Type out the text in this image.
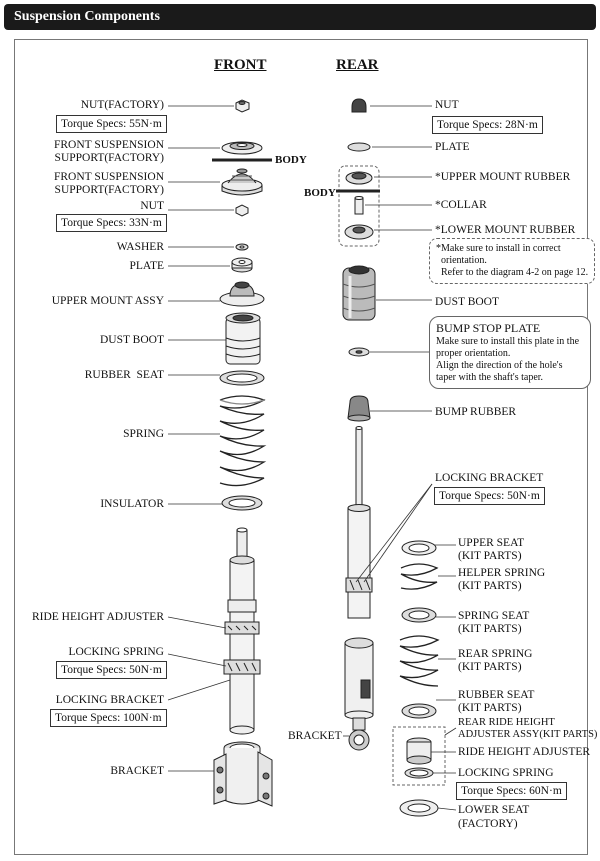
Suspension Components
FRONT	REAR
NUT(FACTORY)
Torque Specs: 55N·m
FRONT SUSPENSION
SUPPORT(FACTORY)	BODY
FRONT SUSPENSION
SUPPORT(FACTORY)
NUT
Torque Specs: 33N·m
WASHER
PLATE
UPPER MOUNT ASSY
DUST BOOT
RUBBER  SEAT
SPRING
INSULATOR
RIDE HEIGHT ADJUSTER
LOCKING SPRING
Torque Specs: 50N·m
LOCKING BRACKET
Torque Specs: 100N·m
BRACKET
NUT
Torque Specs: 28N·m
PLATE
BODY
*UPPER MOUNT RUBBER
*COLLAR
*LOWER MOUNT RUBBER
*Make sure to install in correct
orientation.
Refer to the diagram 4-2 on page 12.
DUST BOOT
BUMP STOP PLATE
Make sure to install this plate in the proper orientation.
Align the direction of the hole's taper with the shaft's taper.
BUMP RUBBER
LOCKING BRACKET
Torque Specs: 50N·m
UPPER SEAT
(KIT PARTS)
HELPER SPRING
(KIT PARTS)
SPRING SEAT
(KIT PARTS)
REAR SPRING
(KIT PARTS)
RUBBER SEAT
(KIT PARTS)
REAR RIDE HEIGHT
ADJUSTER ASSY(KIT PARTS)
RIDE HEIGHT ADJUSTER
LOCKING SPRING
Torque Specs: 60N·m
LOWER SEAT
(FACTORY)
BRACKET
